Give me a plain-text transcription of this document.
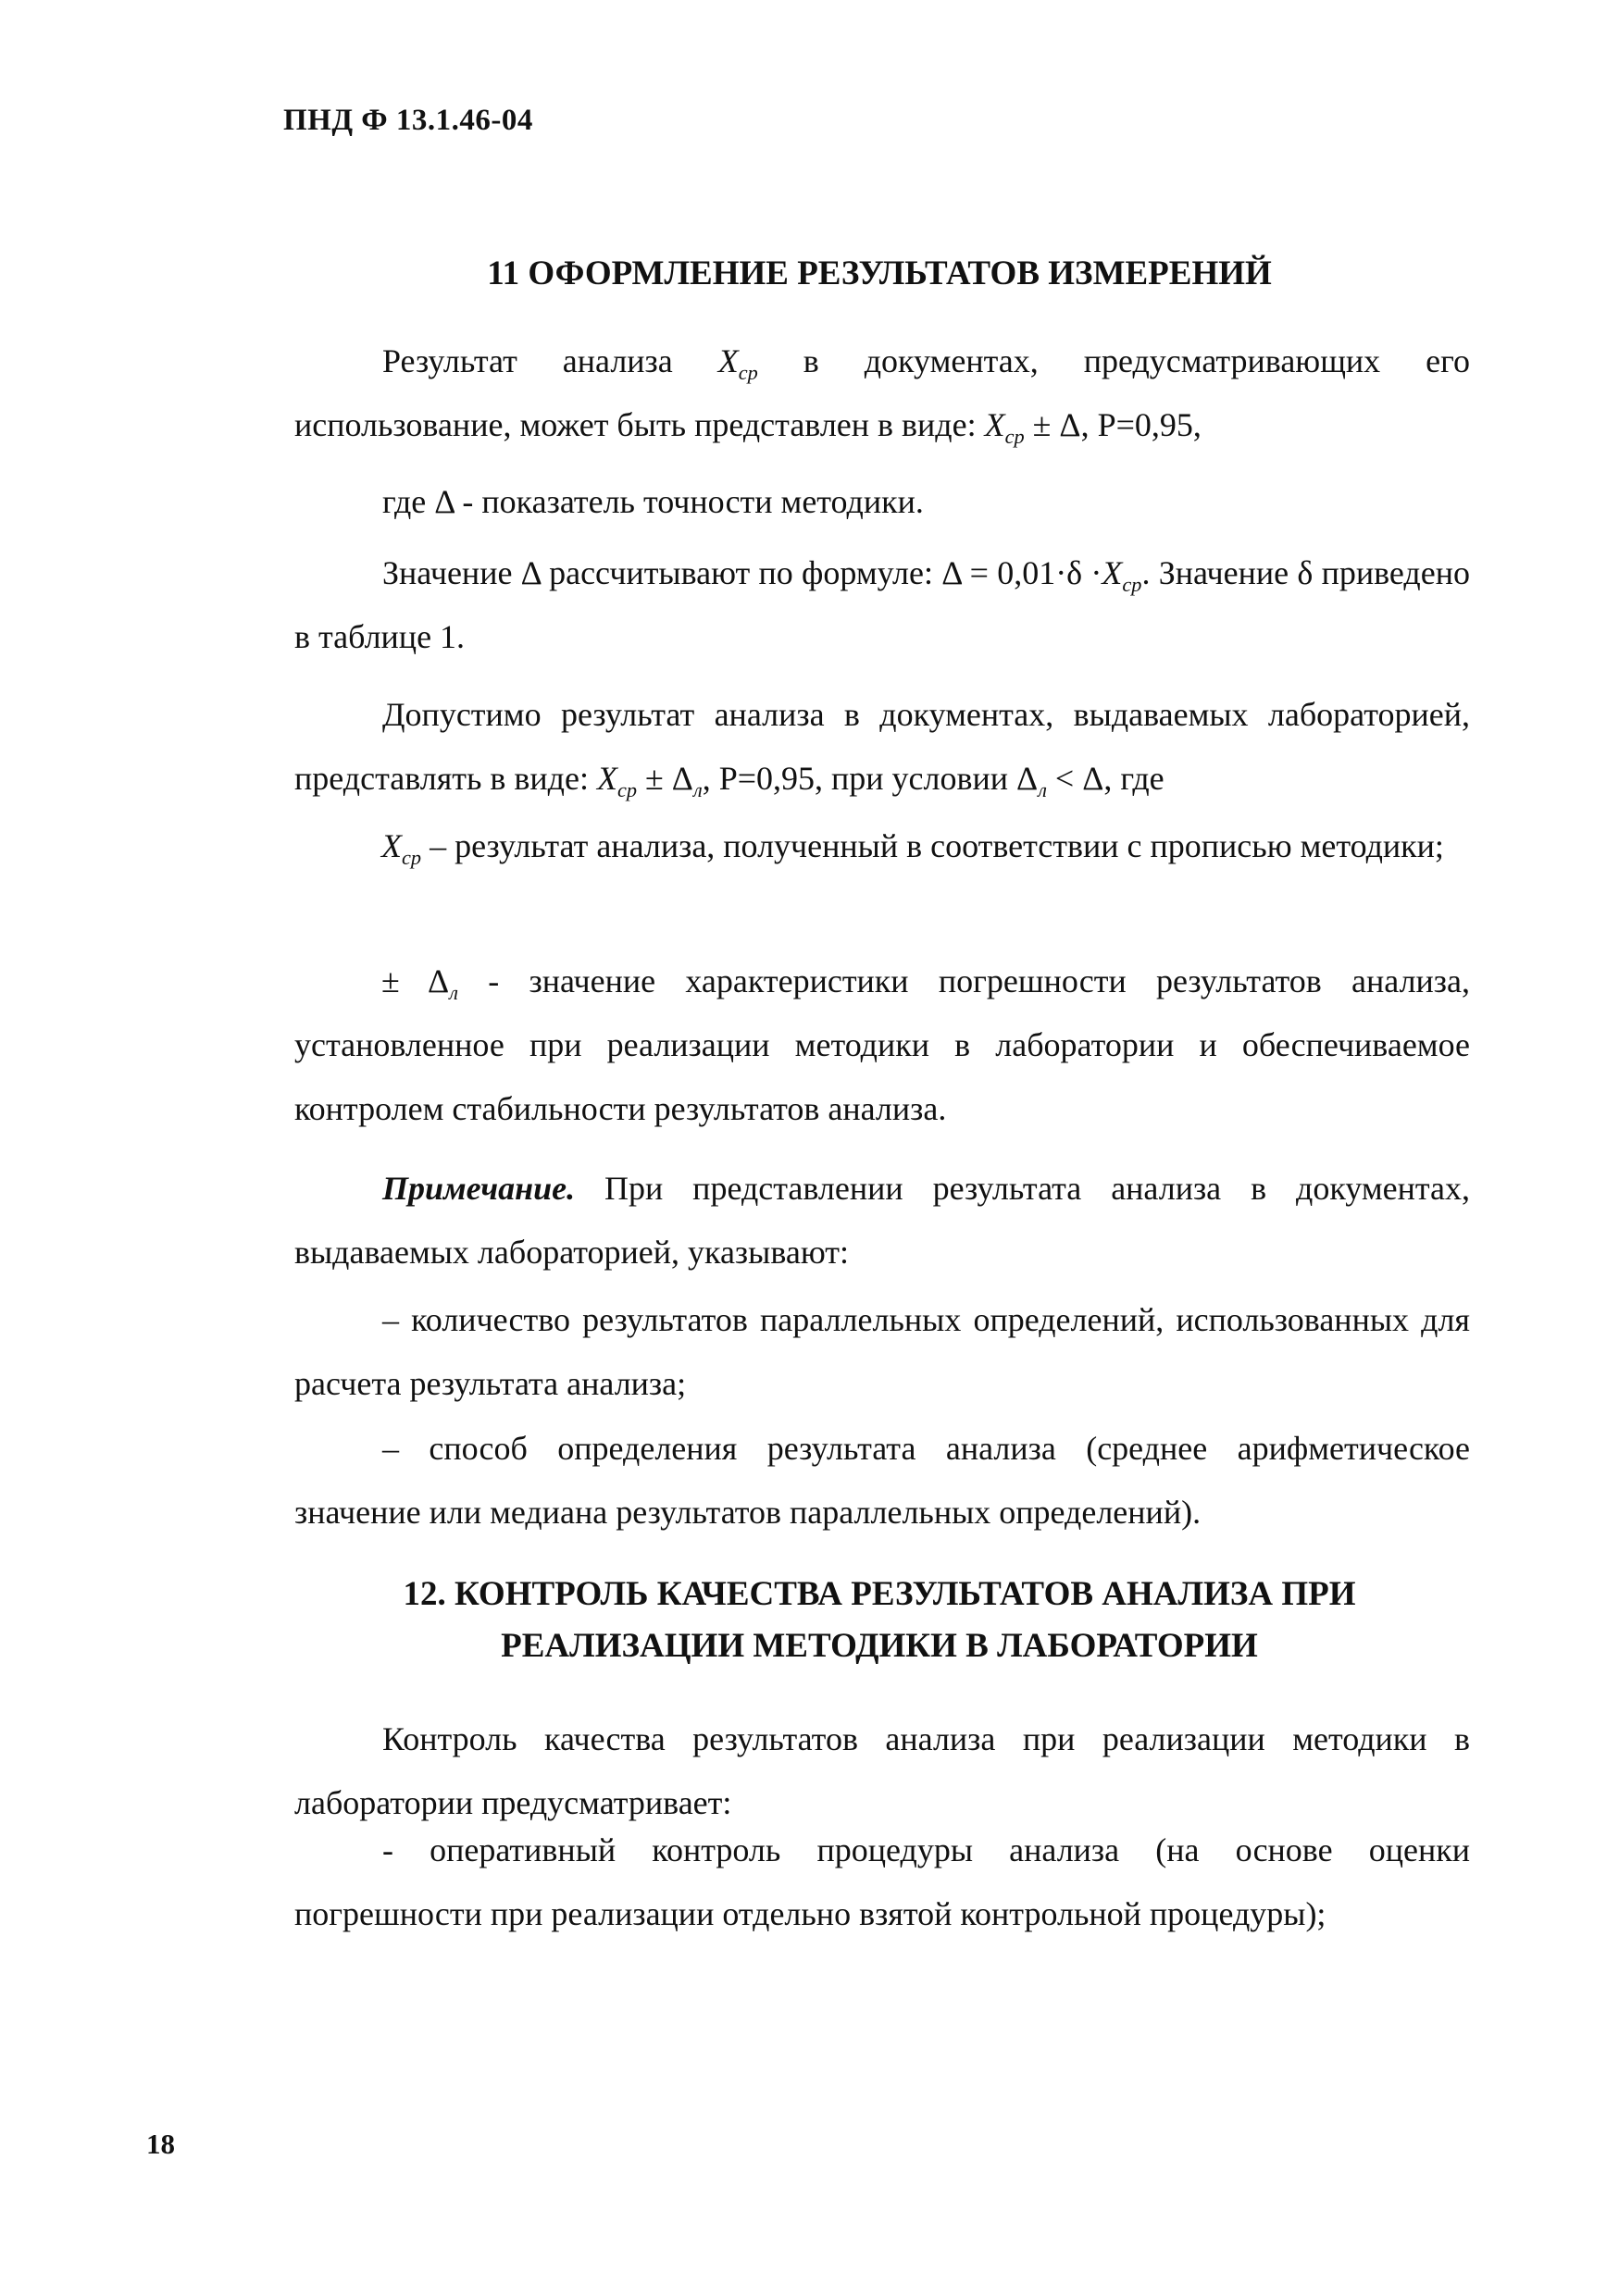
ПНД Ф 13.1.46-04
11 ОФОРМЛЕНИЕ РЕЗУЛЬТАТОВ ИЗМЕРЕНИЙ
Результат анализа $X_{ср}$ в документах, предусматривающих его использование, может быть представлен в виде: $X_{ср} \pm \Delta$, Р=0,95,
где Δ - показатель точности методики.
Значение Δ рассчитывают по формуле: $\Delta = 0,01\cdot\delta \cdot X_{ср}$. Значение δ приведено в таблице 1.
Допустимо результат анализа в документах, выдаваемых лабораторией, представлять в виде: $X_{ср} \pm \Delta_л$, Р=0,95, при условии $\Delta_л < \Delta$, где
$X_{ср}$ – результат анализа, полученный в соответствии с прописью методики;
± $\Delta_л$ - значение характеристики погрешности результатов анализа, установленное при реализации методики в лаборатории и обеспечиваемое контролем стабильности результатов анализа.
Примечание. При представлении результата анализа в документах, выдаваемых лабораторией, указывают:
– количество результатов параллельных определений, использованных для расчета результата анализа;
– способ определения результата анализа (среднее арифметическое значение или медиана результатов параллельных определений).
12. КОНТРОЛЬ КАЧЕСТВА РЕЗУЛЬТАТОВ АНАЛИЗА ПРИ
РЕАЛИЗАЦИИ МЕТОДИКИ В ЛАБОРАТОРИИ
Контроль качества результатов анализа при реализации методики в лаборатории предусматривает:
- оперативный контроль процедуры анализа (на основе оценки погрешности при реализации отдельно взятой контрольной процедуры);
18
